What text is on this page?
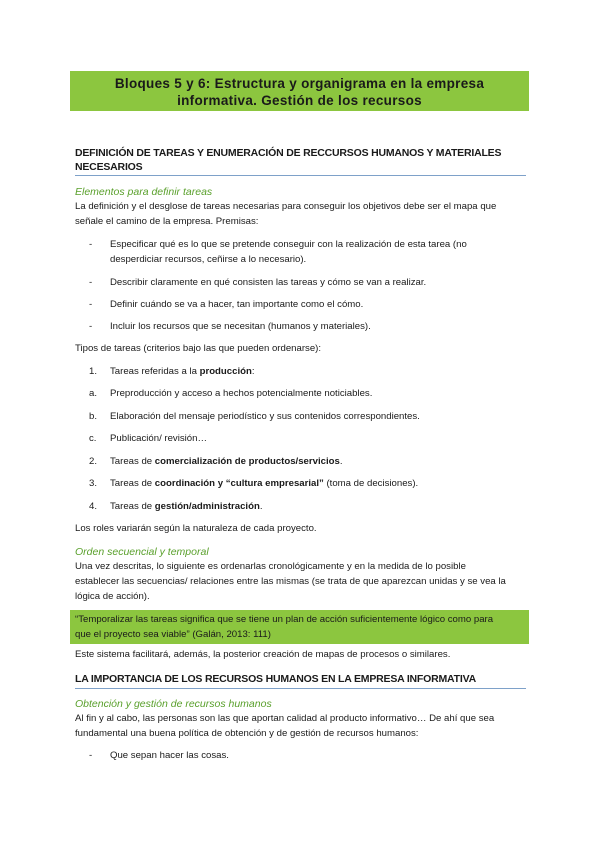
Bloques 5 y 6: Estructura y organigrama en la empresa
informativa. Gestión de los recursos
DEFINICIÓN DE TAREAS Y ENUMERACIÓN DE RECCURSOS HUMANOS Y MATERIALES
NECESARIOS
Elementos para definir tareas
La definición y el desglose de tareas necesarias para conseguir los objetivos debe ser el mapa que
señale el camino de la empresa. Premisas:
- Especificar qué es lo que se pretende conseguir con la realización de esta tarea (no
desperdiciar recursos, ceñirse a lo necesario).
- Describir claramente en qué consisten las tareas y cómo se van a realizar.
- Definir cuándo se va a hacer, tan importante como el cómo.
- Incluir los recursos que se necesitan (humanos y materiales).
Tipos de tareas (criterios bajo las que pueden ordenarse):
1. Tareas referidas a la producción:
a. Preproducción y acceso a hechos potencialmente noticiables.
b. Elaboración del mensaje periodístico y sus contenidos correspondientes.
c. Publicación/ revisión…
2. Tareas de comercialización de productos/servicios.
3. Tareas de coordinación y “cultura empresarial” (toma de decisiones).
4. Tareas de gestión/administración.
Los roles variarán según la naturaleza de cada proyecto.
Orden secuencial y temporal
Una vez descritas, lo siguiente es ordenarlas cronológicamente y en la medida de lo posible
establecer las secuencias/ relaciones entre las mismas (se trata de que aparezcan unidas y se vea la
lógica de acción).
“Temporalizar las tareas significa que se tiene un plan de acción suficientemente lógico como para
que el proyecto sea viable” (Galán, 2013: 111)
Este sistema facilitará, además, la posterior creación de mapas de procesos o similares.
LA IMPORTANCIA DE LOS RECURSOS HUMANOS EN LA EMPRESA INFORMATIVA
Obtención y gestión de recursos humanos
Al fin y al cabo, las personas son las que aportan calidad al producto informativo… De ahí que sea
fundamental una buena política de obtención y de gestión de recursos humanos:
- Que sepan hacer las cosas.
